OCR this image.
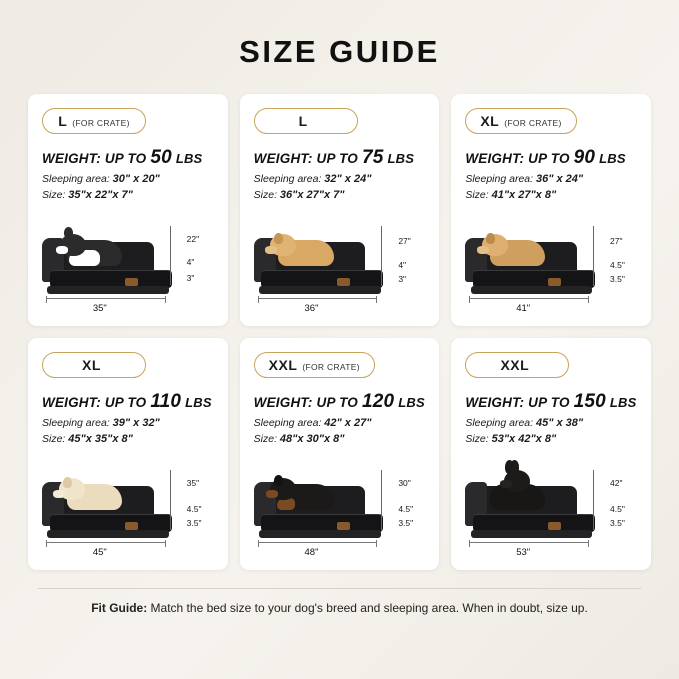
SIZE GUIDE
L (FOR CRATE)
WEIGHT: UP TO 50 LBS
Sleeping area: 30" x 20"
Size: 35"x 22"x 7"
22"
4"
3"
35"
L
WEIGHT: UP TO 75 LBS
Sleeping area: 32" x 24"
Size: 36"x 27"x 7"
27"
4"
3"
36"
XL (FOR CRATE)
WEIGHT: UP TO 90 LBS
Sleeping area: 36" x 24"
Size: 41"x 27"x 8"
27"
4.5"
3.5"
41"
XL
WEIGHT: UP TO 110 LBS
Sleeping area: 39" x 32"
Size: 45"x 35"x 8"
35"
4.5"
3.5"
45"
XXL (FOR CRATE)
WEIGHT: UP TO 120 LBS
Sleeping area: 42" x 27"
Size: 48"x 30"x 8"
30"
4.5"
3.5"
48"
XXL
WEIGHT: UP TO 150 LBS
Sleeping area: 45" x 38"
Size: 53"x 42"x 8"
42"
4.5"
3.5"
53"
Fit Guide: Match the bed size to your dog's breed and sleeping area. When in doubt, size up.
